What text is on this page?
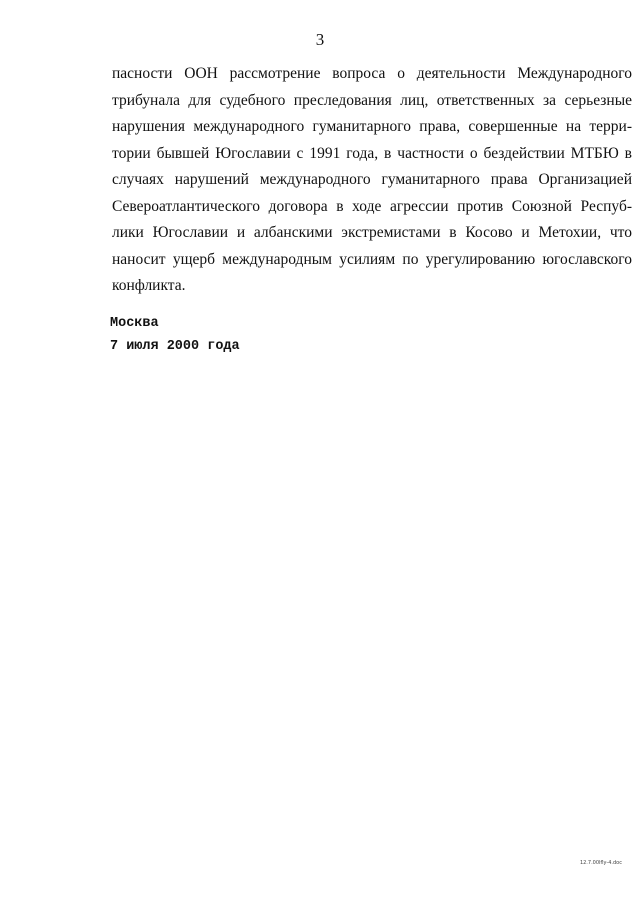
3
пасности ООН рассмотрение вопроса о деятельности Международного
трибунала для судебного преследования лиц, ответственных за серьезные
нарушения международного гуманитарного права, совершенные на терри-
тории бывшей Югославии с 1991 года, в частности о бездействии МТБЮ в
случаях нарушений международного гуманитарного права Организацией
Североатлантического договора в ходе агрессии против Союзной Респуб-
лики Югославии и албанскими экстремистами в Косово и Метохии, что
наносит ущерб международным усилиям по урегулированию югославского
конфликта.
Москва
7 июля 2000 года
12.7.00lfly-4.doc
